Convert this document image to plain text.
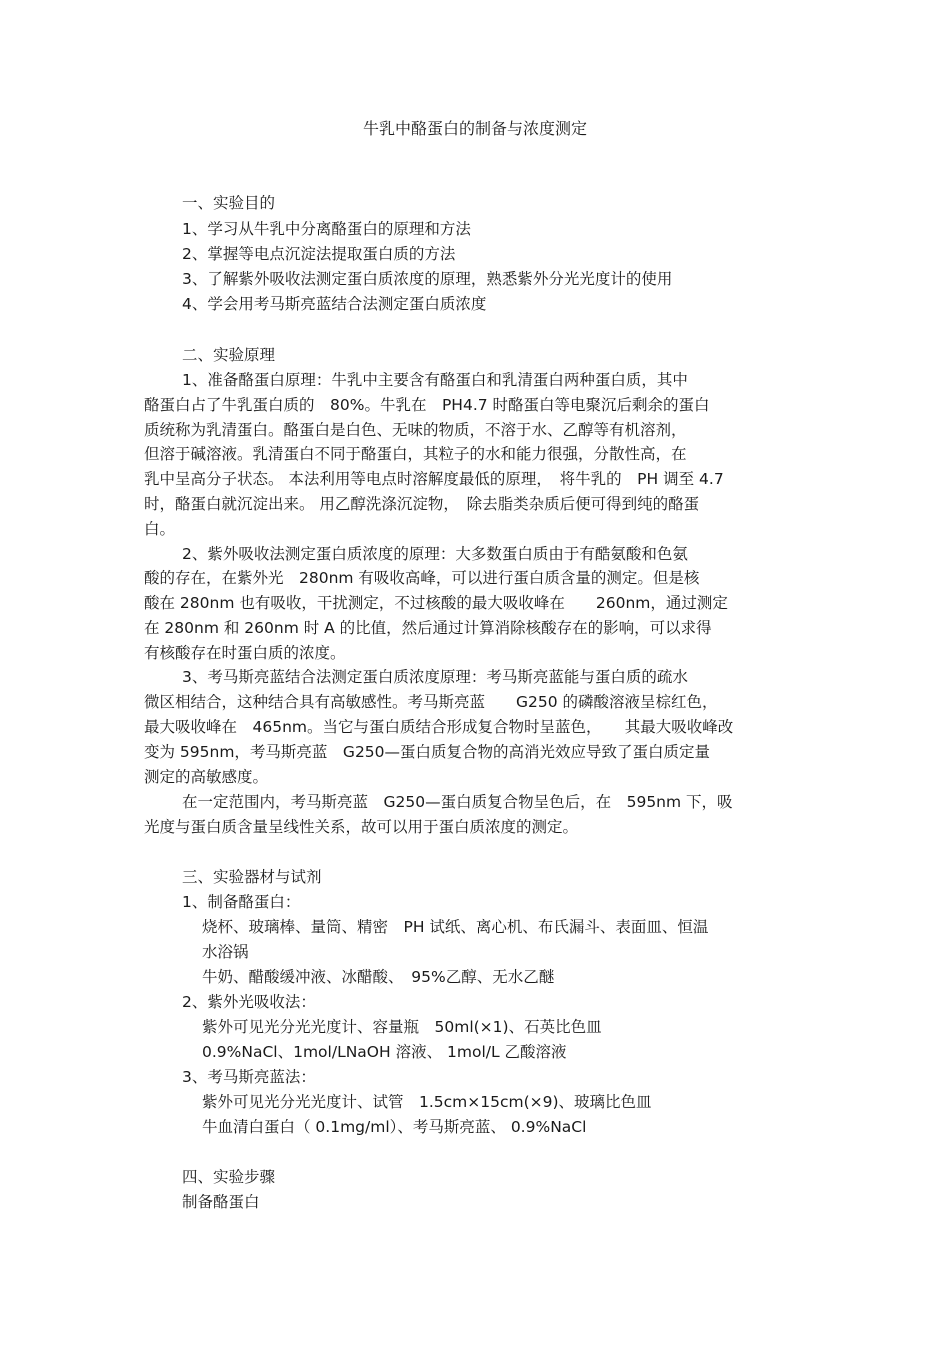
牛乳中酪蛋白的制备与浓度测定
一、实验目的
1、学习从牛乳中分离酪蛋白的原理和方法
2、掌握等电点沉淀法提取蛋白质的方法
3、了解紫外吸收法测定蛋白质浓度的原理，熟悉紫外分光光度计的使用
4、学会用考马斯亮蓝结合法测定蛋白质浓度
二、实验原理
1、准备酪蛋白原理：牛乳中主要含有酪蛋白和乳清蛋白两种蛋白质，其中
酪蛋白占了牛乳蛋白质的　80%。牛乳在　PH4.7 时酪蛋白等电聚沉后剩余的蛋白
质统称为乳清蛋白。酪蛋白是白色、无味的物质，不溶于水、乙醇等有机溶剂，
但溶于碱溶液。乳清蛋白不同于酪蛋白，其粒子的水和能力很强，分散性高，在
乳中呈高分子状态。 本法利用等电点时溶解度最低的原理，　将牛乳的　PH 调至 4.7
时，酪蛋白就沉淀出来。 用乙醇洗涤沉淀物，　除去脂类杂质后便可得到纯的酪蛋
白。
2、紫外吸收法测定蛋白质浓度的原理：大多数蛋白质由于有酷氨酸和色氨
酸的存在，在紫外光　280nm 有吸收高峰，可以进行蛋白质含量的测定。但是核
酸在 280nm 也有吸收，干扰测定，不过核酸的最大吸收峰在　　260nm，通过测定
在 280nm 和 260nm 时 A 的比值，然后通过计算消除核酸存在的影响，可以求得
有核酸存在时蛋白质的浓度。
3、考马斯亮蓝结合法测定蛋白质浓度原理：考马斯亮蓝能与蛋白质的疏水
微区相结合，这种结合具有高敏感性。考马斯亮蓝　　G250 的磷酸溶液呈棕红色，
最大吸收峰在　465nm。当它与蛋白质结合形成复合物时呈蓝色，　　其最大吸收峰改
变为 595nm，考马斯亮蓝　G250—蛋白质复合物的高消光效应导致了蛋白质定量
测定的高敏感度。
在一定范围内，考马斯亮蓝　G250—蛋白质复合物呈色后，在　595nm 下，吸
光度与蛋白质含量呈线性关系，故可以用于蛋白质浓度的测定。
三、实验器材与试剂
1、制备酪蛋白：
烧杯、玻璃棒、量筒、精密　PH 试纸、离心机、布氏漏斗、表面皿、恒温
水浴锅
牛奶、醋酸缓冲液、冰醋酸、　95%乙醇、无水乙醚
2、紫外光吸收法：
紫外可见光分光光度计、容量瓶　50ml(×1)、石英比色皿
0.9%NaCl、1mol/LNaOH 溶液、 1mol/L 乙酸溶液
3、考马斯亮蓝法：
紫外可见光分光光度计、试管　1.5cm×15cm(×9)、玻璃比色皿
牛血清白蛋白（ 0.1mg/ml）、考马斯亮蓝、 0.9%NaCl
四、实验步骤
制备酪蛋白
